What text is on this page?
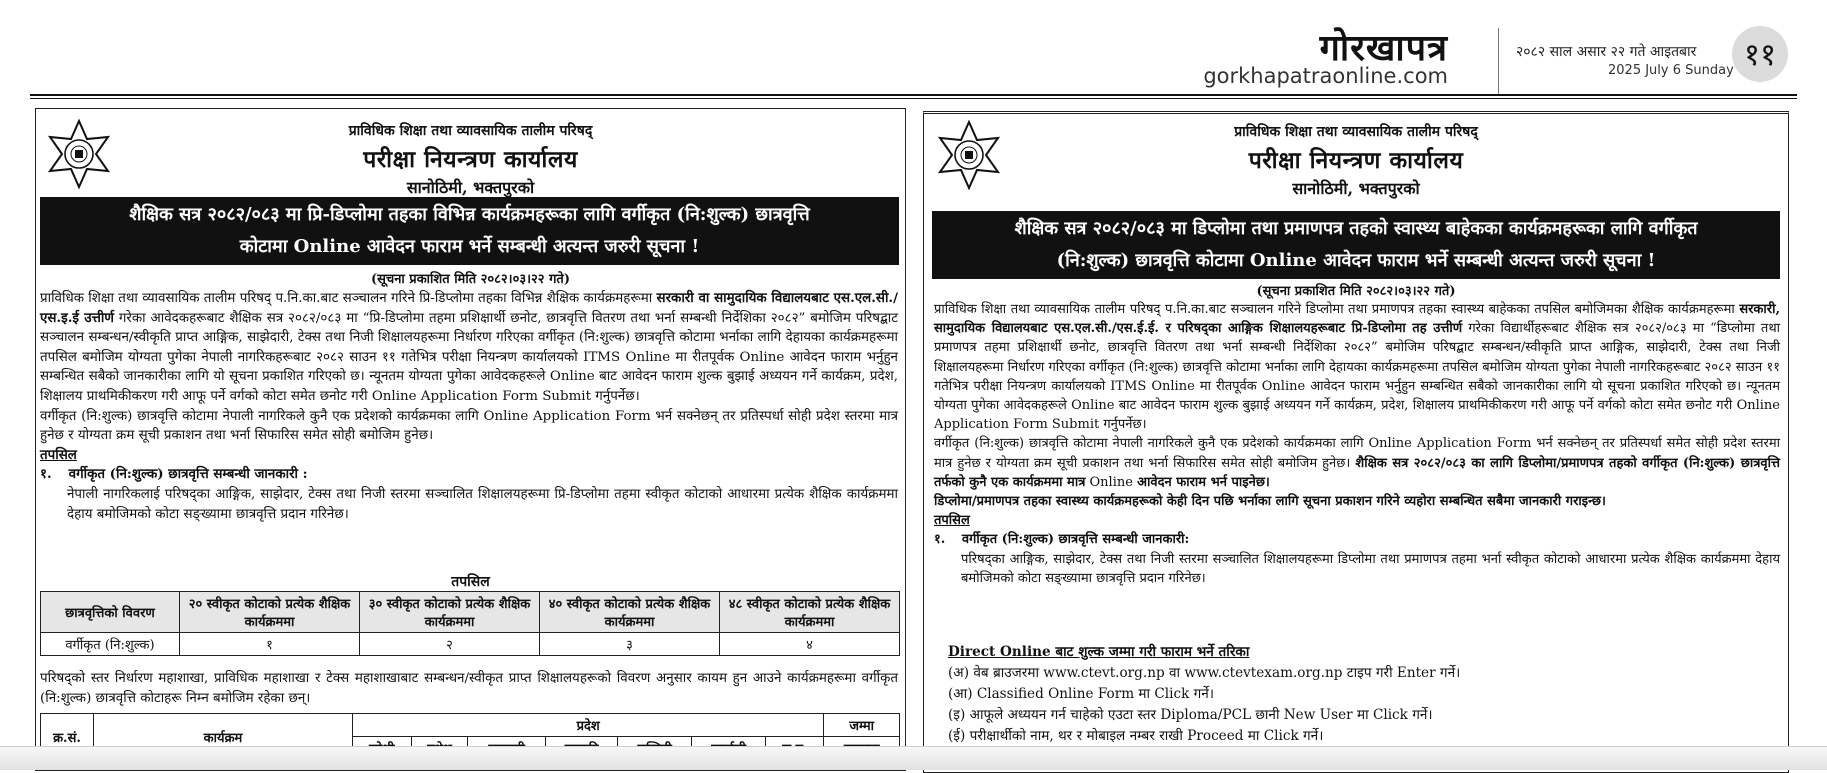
गोरखापत्र
gorkhapatraonline.com
२०८२ साल असार २२ गते आइतबार
2025 July 6 Sunday ११
प्राविधिक शिक्षा तथा व्यावसायिक तालीम परिषद्
परीक्षा नियन्त्रण कार्यालय
सानोठिमी, भक्तपुरको
शैक्षिक सत्र २०८२/०८३ मा प्रि-डिप्लोमा तहका विभिन्न कार्यक्रमहरूका लागि वर्गीकृत (नि:शुल्क) छात्रवृत्ति
कोटामा Online आवेदन फाराम भर्ने सम्बन्धी अत्यन्त जरुरी सूचना !
(सूचना प्रकाशित मिति २०८२।०३।२२ गते)

प्राविधिक शिक्षा तथा व्यावसायिक तालीम परिषद् प.नि.का.बाट सञ्चालन गरिने प्रि-डिप्लोमा तहका विभिन्न शैक्षिक कार्यक्रमहरूमा सरकारी वा सामुदायिक विद्यालयबाट एस.एल.सी./एस.इ.ई उत्तीर्ण गरेका आवेदकहरूबाट शैक्षिक सत्र २०८२/०८३ मा “प्रि-डिप्लोमा तहमा प्रशिक्षार्थी छनोट, छात्रवृत्ति वितरण तथा भर्ना सम्बन्धी निर्देशिका २०८२” बमोजिम परिषद्बाट सञ्चालन सम्बन्धन/स्वीकृति प्राप्त आङ्गिक, साझेदारी, टेक्स तथा निजी शिक्षालयहरूमा निर्धारण गरिएका वर्गीकृत (नि:शुल्क) छात्रवृत्ति कोटामा भर्नाका लागि देहायका कार्यक्रमहरूमा तपसिल बमोजिम योग्यता पुगेका नेपाली नागरिकहरूबाट २०८२ साउन ११ गतेभित्र परीक्षा नियन्त्रण कार्यालयको ITMS Online मा रीतपूर्वक Online आवेदन फाराम भर्नुहुन सम्बन्धित सबैको जानकारीका लागि यो सूचना प्रकाशित गरिएको छ। न्यूनतम योग्यता पुगेका आवेदकहरूले Online बाट आवेदन फाराम शुल्क बुझाई अध्ययन गर्ने कार्यक्रम, प्रदेश, शिक्षालय प्राथमिकीकरण गरी आफू पर्ने वर्गको कोटा समेत छनोट गरी Online Application Form Submit गर्नुपर्नेछ।

वर्गीकृत (नि:शुल्क) छात्रवृत्ति कोटामा नेपाली नागरिकले कुनै एक प्रदेशको कार्यक्रमका लागि Online Application Form भर्न सक्नेछन् तर प्रतिस्पर्धा सोही प्रदेश स्तरमा मात्र हुनेछ र योग्यता क्रम सूची प्रकाशन तथा भर्ना सिफारिस समेत सोही बमोजिम हुनेछ।

तपसिल

१. वर्गीकृत (नि:शुल्क) छात्रवृत्ति सम्बन्धी जानकारी :

नेपाली नागरिकलाई परिषद्का आङ्गिक, साझेदार, टेक्स तथा निजी स्तरमा सञ्चालित शिक्षालयहरूमा प्रि-डिप्लोमा तहमा स्वीकृत कोटाको आधारमा प्रत्येक शैक्षिक कार्यक्रममा देहाय बमोजिमको कोटा सङ्ख्यामा छात्रवृत्ति प्रदान गरिनेछ।

तपसिल
छात्रवृत्तिको विवरण	२० स्वीकृत कोटाको प्रत्येक शैक्षिक कार्यक्रममा	३० स्वीकृत कोटाको प्रत्येक शैक्षिक कार्यक्रममा	४० स्वीकृत कोटाको प्रत्येक शैक्षिक कार्यक्रममा	४८ स्वीकृत कोटाको प्रत्येक शैक्षिक कार्यक्रममा
वर्गीकृत (नि:शुल्क)	१	२	३	४
परिषद्को स्तर निर्धारण महाशाखा, प्राविधिक महाशाखा र टेक्स महाशाखाबाट सम्बन्धन/स्वीकृत प्राप्त शिक्षालयहरूको विवरण अनुसार कायम हुन आउने कार्यक्रमहरूमा वर्गीकृत (नि:शुल्क) छात्रवृत्ति कोटाहरू निम्न बमोजिम रहेका छन्।
क्र.सं.	कार्यक्रम	प्रदेश							जम्मा

प्राविधिक शिक्षा तथा व्यावसायिक तालीम परिषद्
परीक्षा नियन्त्रण कार्यालय
सानोठिमी, भक्तपुरको
शैक्षिक सत्र २०८२/०८३ मा डिप्लोमा तथा प्रमाणपत्र तहको स्वास्थ्य बाहेकका कार्यक्रमहरूका लागि वर्गीकृत
(नि:शुल्क) छात्रवृत्ति कोटामा Online आवेदन फाराम भर्ने सम्बन्धी अत्यन्त जरुरी सूचना !
(सूचना प्रकाशित मिति २०८२।०३।२२ गते)

प्राविधिक शिक्षा तथा व्यावसायिक तालीम परिषद् प.नि.का.बाट सञ्चालन गरिने डिप्लोमा तथा प्रमाणपत्र तहका स्वास्थ्य बाहेकका तपसिल बमोजिमका शैक्षिक कार्यक्रमहरूमा सरकारी, सामुदायिक विद्यालयबाट एस.एल.सी./एस.ई.ई. र परिषद्का आङ्गिक शिक्षालयहरूबाट प्रि-डिप्लोमा तह उत्तीर्ण गरेका विद्यार्थीहरूबाट शैक्षिक सत्र २०८२/०८३ मा “डिप्लोमा तथा प्रमाणपत्र तहमा प्रशिक्षार्थी छनोट, छात्रवृत्ति वितरण तथा भर्ना सम्बन्धी निर्देशिका २०८२” बमोजिम परिषद्बाट सम्बन्धन/स्वीकृति प्राप्त आङ्गिक, साझेदारी, टेक्स तथा निजी शिक्षालयहरूमा निर्धारण गरिएका वर्गीकृत (नि:शुल्क) छात्रवृत्ति कोटामा भर्नाका लागि देहायका कार्यक्रमहरूमा तपसिल बमोजिम योग्यता पुगेका नेपाली नागरिकहरूबाट २०८२ साउन ११ गतेभित्र परीक्षा नियन्त्रण कार्यालयको ITMS Online मा रीतपूर्वक Online आवेदन फाराम भर्नुहुन सम्बन्धित सबैको जानकारीका लागि यो सूचना प्रकाशित गरिएको छ। न्यूनतम योग्यता पुगेका आवेदकहरूले Online बाट आवेदन फाराम शुल्क बुझाई अध्ययन गर्ने कार्यक्रम, प्रदेश, शिक्षालय प्राथमिकीकरण गरी आफू पर्ने वर्गको कोटा समेत छनोट गरी Online Application Form Submit गर्नुपर्नेछ।

वर्गीकृत (नि:शुल्क) छात्रवृत्ति कोटामा नेपाली नागरिकले कुनै एक प्रदेशको कार्यक्रमका लागि Online Application Form भर्न सक्नेछन् तर प्रतिस्पर्धा समेत सोही प्रदेश स्तरमा मात्र हुनेछ र योग्यता क्रम सूची प्रकाशन तथा भर्ना सिफारिस समेत सोही बमोजिम हुनेछ। शैक्षिक सत्र २०८२/०८३ का लागि डिप्लोमा/प्रमाणपत्र तहको वर्गीकृत (नि:शुल्क) छात्रवृत्ति तर्फको कुनै एक कार्यक्रममा मात्र Online आवेदन फाराम भर्न पाइनेछ।

डिप्लोमा/प्रमाणपत्र तहका स्वास्थ्य कार्यक्रमहरूको केही दिन पछि भर्नाका लागि सूचना प्रकाशन गरिने व्यहोरा सम्बन्धित सबैमा जानकारी गराइन्छ।

तपसिल

१. वर्गीकृत (नि:शुल्क) छात्रवृत्ति सम्बन्धी जानकारी:

परिषद्का आङ्गिक, साझेदार, टेक्स तथा निजी स्तरमा सञ्चालित शिक्षालयहरूमा डिप्लोमा तथा प्रमाणपत्र तहमा भर्ना स्वीकृत कोटाको आधारमा प्रत्येक शैक्षिक कार्यक्रममा देहाय बमोजिमको कोटा सङ्ख्यामा छात्रवृत्ति प्रदान गरिनेछ।

Direct Online बाट शुल्क जम्मा गरी फाराम भर्ने तरिका

(अ) वेब ब्राउजरमा www.ctevt.org.np वा www.ctevtexam.org.np टाइप गरी Enter गर्ने।

(आ) Classified Online Form मा Click गर्ने।

(इ) आफूले अध्ययन गर्न चाहेको एउटा स्तर Diploma/PCL छानी New User मा Click गर्ने।

(ई) परीक्षार्थीको नाम, थर र मोबाइल नम्बर राखी Proceed मा Click गर्ने।
